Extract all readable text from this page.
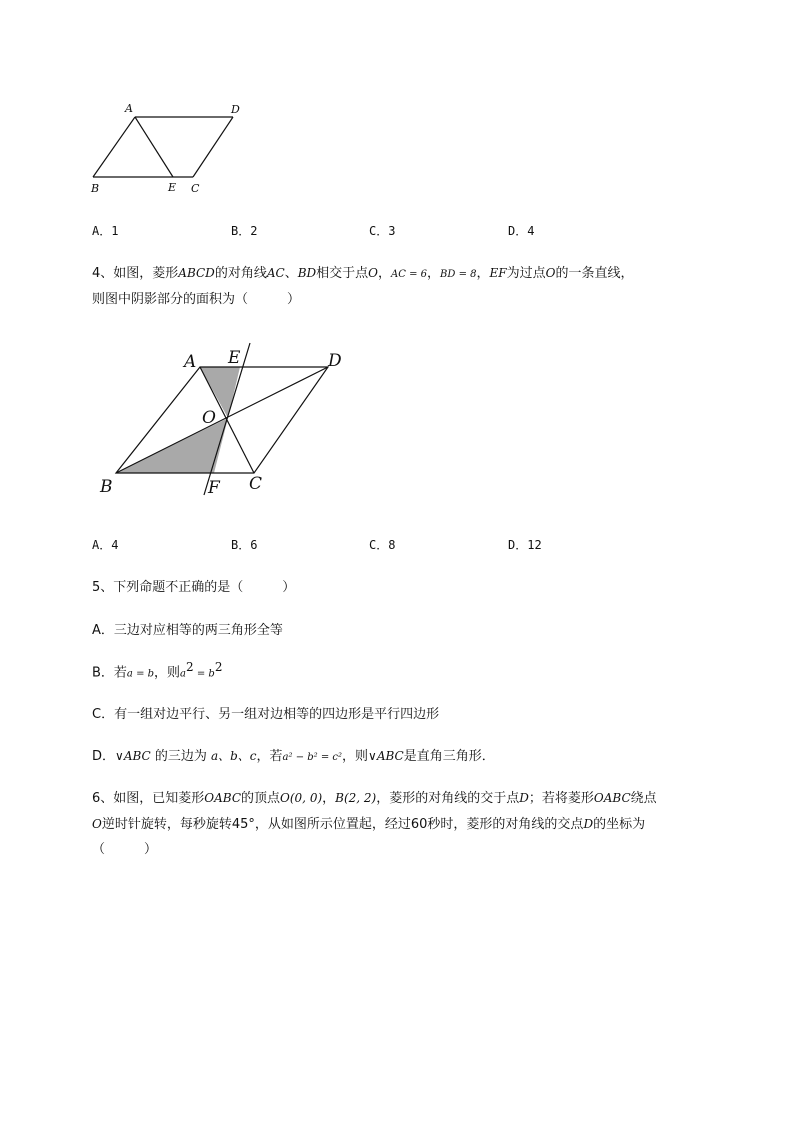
A	D
B	E C
A．1	B．2	C．3	D．4
4、如图，菱形ABCD的对角线AC、BD相交于点O，AC = 6，BD = 8，EF为过点O的一条直线，
则图中阴影部分的面积为（　　　）
A E	D
O
B	F C
A．4	B．6	C．8	D．12
5、下列命题不正确的是（　　　）
A．三边对应相等的两三角形全等
B．若a = b，则$a^2 = b^2$
C．有一组对边平行、另一组对边相等的四边形是平行四边形
D．∨ABC 的三边为 a、b、c，若a² − b² = c²，则∨ABC是直角三角形．
6、如图，已知菱形OABC的顶点O(0, 0)，B(2, 2)，菱形的对角线的交于点D；若将菱形OABC绕点
O逆时针旋转，每秒旋转45°，从如图所示位置起，经过60秒时，菱形的对角线的交点D的坐标为
（　　　）
